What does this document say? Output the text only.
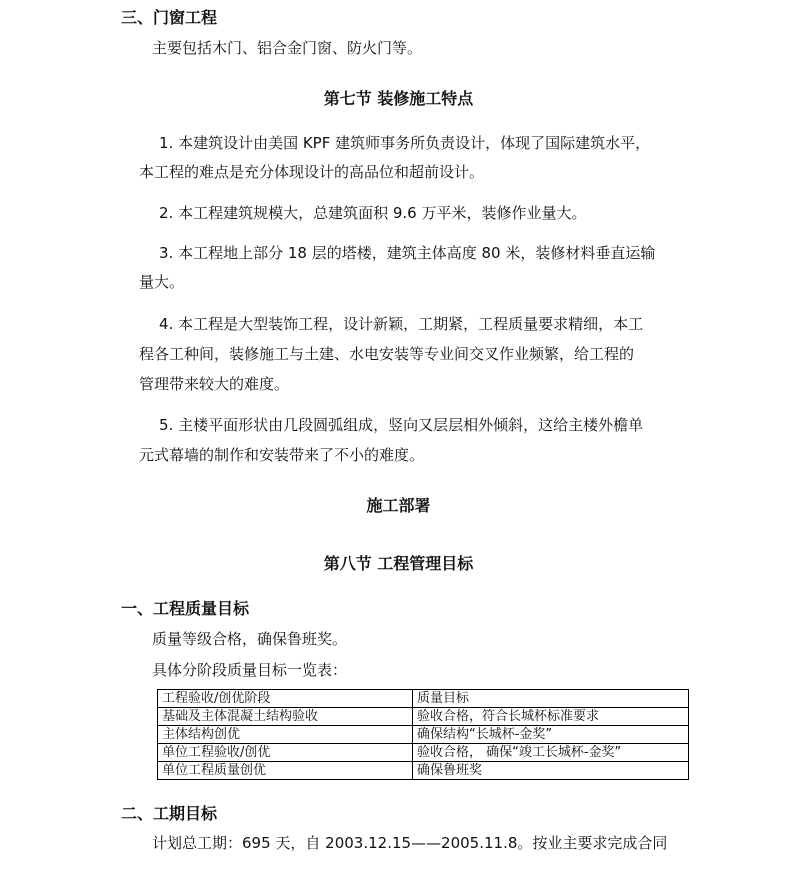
三、门窗工程
主要包括木门、铝合金门窗、防火门等。
第七节 装修施工特点
1. 本建筑设计由美国 KPF 建筑师事务所负责设计，体现了国际建筑水平，
本工程的难点是充分体现设计的高品位和超前设计。
2. 本工程建筑规模大，总建筑面积 9.6 万平米，装修作业量大。
3. 本工程地上部分 18 层的塔楼，建筑主体高度 80 米，装修材料垂直运输
量大。
4. 本工程是大型装饰工程，设计新颖，工期紧，工程质量要求精细，本工
程各工种间，装修施工与土建、水电安装等专业间交叉作业频繁，给工程的
管理带来较大的难度。
5. 主楼平面形状由几段圆弧组成，竖向又层层相外倾斜，这给主楼外檐单
元式幕墙的制作和安装带来了不小的难度。
施工部署
第八节 工程管理目标
一、工程质量目标
质量等级合格，确保鲁班奖。
具体分阶段质量目标一览表：
工程验收/创优阶段	质量目标
基础及主体混凝土结构验收	验收合格，符合长城杯标准要求
主体结构创优	确保结构“长城杯-金奖”
单位工程验收/创优	验收合格， 确保“竣工长城杯-金奖”
单位工程质量创优	确保鲁班奖
二、工期目标
计划总工期：695 天，自 2003.12.15——2005.11.8。按业主要求完成合同
